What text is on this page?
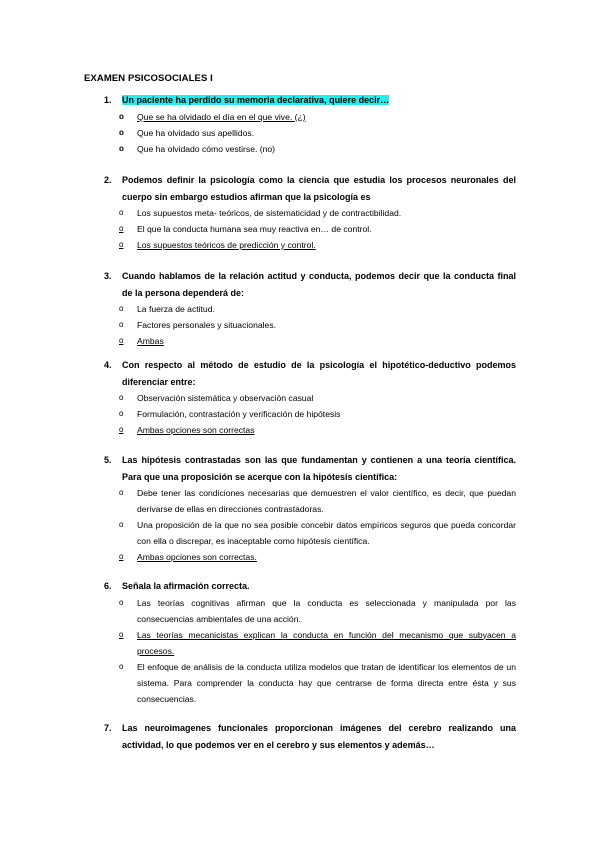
EXAMEN PSICOSOCIALES I
1.	Un paciente ha perdido su memoria declarativa, quiere decir…
o	Que se ha olvidado el día en el que vive. (¿)
o	Que ha olvidado sus apellidos.
o	Que ha olvidado cómo vestirse. (no)
2.	Podemos definir la psicología como la ciencia que estudia los procesos neuronales del cuerpo sin embargo estudios afirman que la psicología es
o	Los supuestos meta- teóricos, de sistematicidad y de contractibilidad.
o	El que la conducta humana sea muy reactiva en… de control.
o	Los supuestos teóricos de predicción y control.
3.	Cuando hablamos de la relación actitud y conducta, podemos decir que la conducta final de la persona dependerá de:
o	La fuerza de actitud.
o	Factores personales y situacionales.
o	Ambas
4.	Con respecto al método de estudio de la psicología el hipotético-deductivo podemos diferenciar entre:
o	Observación sistemática y observación casual
o	Formulación, contrastación y verificación de hipótesis
o	Ambas opciones son correctas
5.	Las hipótesis contrastadas son las que fundamentan y contienen a una teoría científica. Para que una proposición se acerque con la hipótesis científica:
o	Debe tener las condiciones necesarias que demuestren el valor científico, es decir, que puedan derivarse de ellas en direcciones contrastadoras.
o	Una proposición de la que no sea posible concebir datos empíricos seguros que pueda concordar con ella o discrepar, es inaceptable como hipótesis científica.
o	Ambas opciones son correctas.
6.	Señala la afirmación correcta.
o	Las teorías cognitivas afirman que la conducta es seleccionada y manipulada por las consecuencias ambientales de una acción.
o	Las teorías mecanicistas explican la conducta en función del mecanismo que subyacen a procesos.
o	El enfoque de análisis de la conducta utiliza modelos que tratan de identificar los elementos de un sistema. Para comprender la conducta hay que centrarse de forma directa entre ésta y sus consecuencias.
7.	Las neuroimagenes funcionales proporcionan imágenes del cerebro realizando una actividad, lo que podemos ver en el cerebro y sus elementos y además…
